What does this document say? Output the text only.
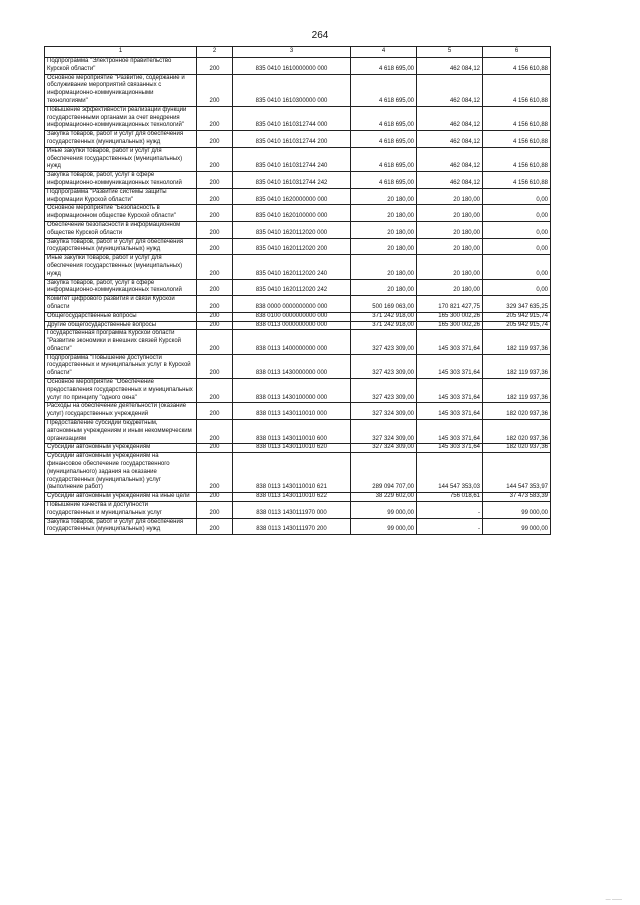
264
1	2	3	4	5	6
Подпрограмма "Электронное правительство Курской области"	200	835 0410 1610000000 000	4 618 695,00	462 084,12	4 156 610,88
Основное мероприятие "Развитие, содержание и обслуживание мероприятий связанных с информационно-коммуникационными технологиями"	200	835 0410 1610300000 000	4 618 695,00	462 084,12	4 156 610,88
Повышение эффективности реализации функций государственными органами за счет внедрения информационно-коммуникационных технологий"	200	835 0410 1610312744 000	4 618 695,00	462 084,12	4 156 610,88
Закупка товаров, работ и услуг для обеспечения государственных (муниципальных) нужд	200	835 0410 1610312744 200	4 618 695,00	462 084,12	4 156 610,88
Иные закупки товаров, работ и услуг для обеспечения государственных (муниципальных) нужд	200	835 0410 1610312744 240	4 618 695,00	462 084,12	4 156 610,88
Закупка товаров, работ, услуг в сфере информационно-коммуникационных технологий	200	835 0410 1610312744 242	4 618 695,00	462 084,12	4 156 610,88
Подпрограмма "Развитие системы защиты информации Курской области"	200	835 0410 1620000000 000	20 180,00	20 180,00	0,00
Основное мероприятие "Безопасность в информационном обществе Курской области"	200	835 0410 1620100000 000	20 180,00	20 180,00	0,00
Обеспечение безопасности в информационном обществе Курской области	200	835 0410 1620112020 000	20 180,00	20 180,00	0,00
Закупка товаров, работ и услуг для обеспечения государственных (муниципальных) нужд	200	835 0410 1620112020 200	20 180,00	20 180,00	0,00
Иные закупки товаров, работ и услуг для обеспечения государственных (муниципальных) нужд	200	835 0410 1620112020 240	20 180,00	20 180,00	0,00
Закупка товаров, работ, услуг в сфере информационно-коммуникационных технологий	200	835 0410 1620112020 242	20 180,00	20 180,00	0,00
Комитет цифрового развития и связи Курской области	200	838 0000 0000000000 000	500 169 063,00	170 821 427,75	329 347 635,25
Общегосударственные вопросы	200	838 0100 0000000000 000	371 242 918,00	165 300 002,26	205 942 915,74
Другие общегосударственные вопросы	200	838 0113 0000000000 000	371 242 918,00	165 300 002,26	205 942 915,74
Государственная программа Курской области "Развитие экономики и внешних связей Курской области"	200	838 0113 1400000000 000	327 423 309,00	145 303 371,64	182 119 937,36
Подпрограмма "Повышение доступности государственных и муниципальных услуг в Курской области"	200	838 0113 1430000000 000	327 423 309,00	145 303 371,64	182 119 937,36
Основное мероприятие "Обеспечение предоставления государственных и муниципальных услуг по принципу "одного окна"	200	838 0113 1430100000 000	327 423 309,00	145 303 371,64	182 119 937,36
Расходы на обеспечение деятельности (оказание услуг) государственных учреждений	200	838 0113 1430110010 000	327 324 309,00	145 303 371,64	182 020 937,36
Предоставление субсидий бюджетным, автономным учреждениям и иным некоммерческим организациям	200	838 0113 1430110010 600	327 324 309,00	145 303 371,64	182 020 937,36
Субсидии автономным учреждениям	200	838 0113 1430110010 620	327 324 309,00	145 303 371,64	182 020 937,36
Субсидии автономным учреждениям на финансовое обеспечение государственного (муниципального) задания на оказание государственных (муниципальных) услуг (выполнение работ)	200	838 0113 1430110010 621	289 094 707,00	144 547 353,03	144 547 353,97
Субсидии автономным учреждениям на иные цели	200	838 0113 1430110010 622	38 229 602,00	756 018,61	37 473 583,39
Повышение качества и доступности государственных и муниципальных услуг	200	838 0113 1430111970 000	99 000,00	-	99 000,00
Закупка товаров, работ и услуг для обеспечения государственных (муниципальных) нужд	200	838 0113 1430111970 200	99 000,00	-	99 000,00
— ——
